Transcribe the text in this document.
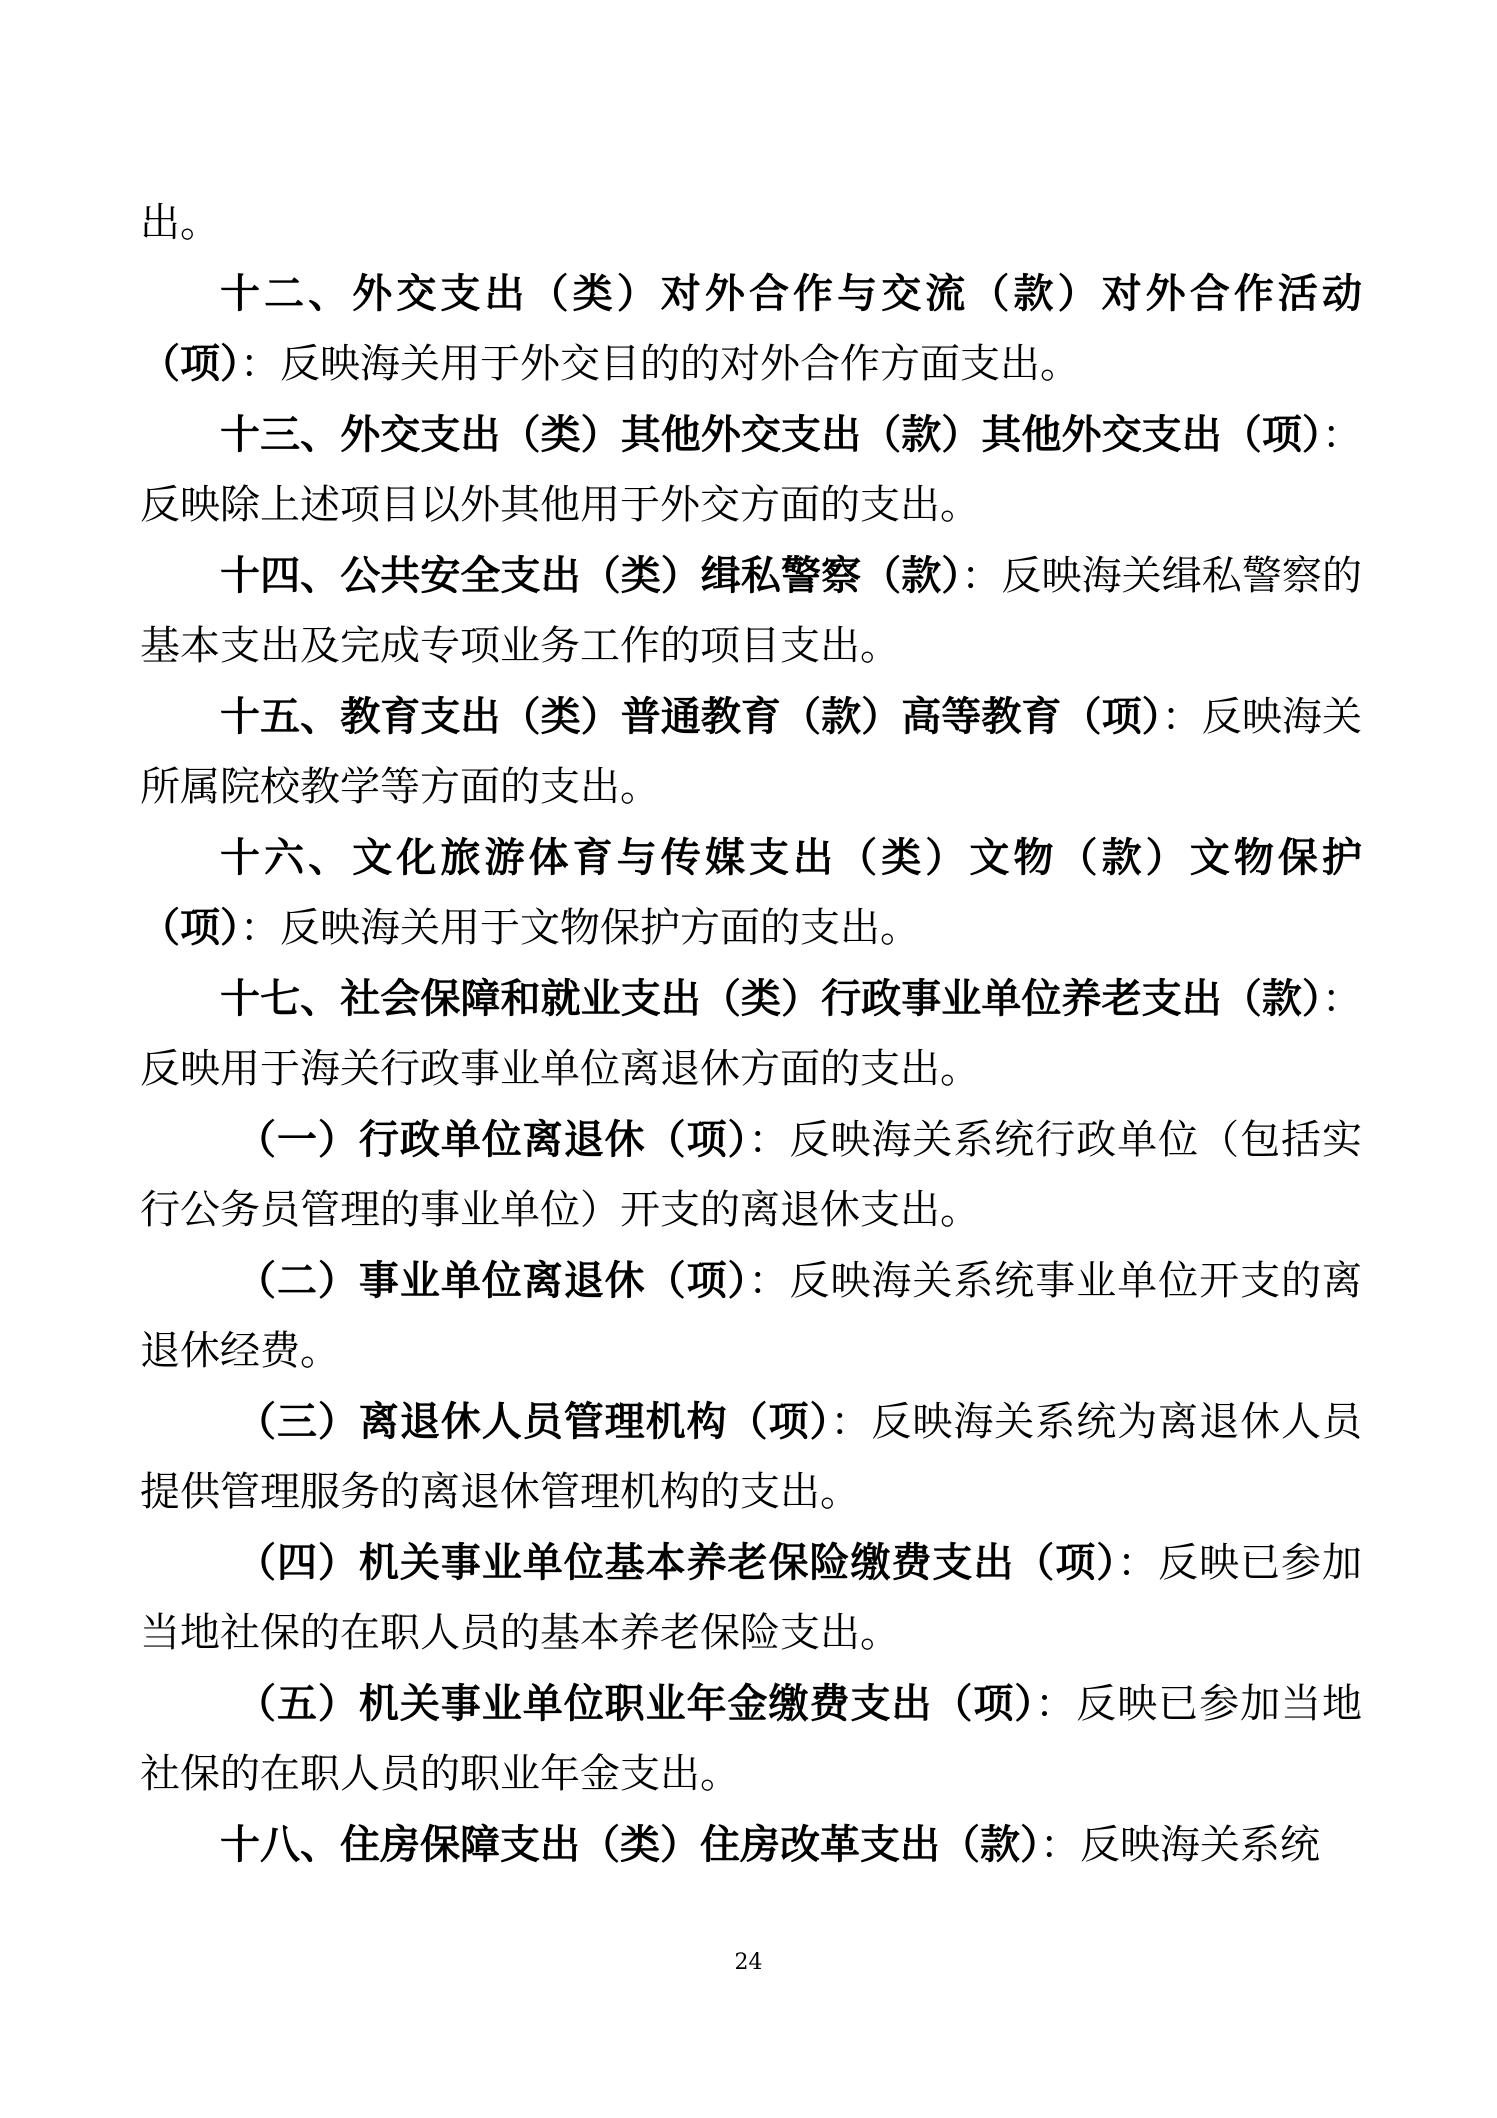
出。

十二、外交支出（类）对外合作与交流（款）对外合作活动（项）：反映海关用于外交目的的对外合作方面支出。

十三、外交支出（类）其他外交支出（款）其他外交支出（项）：反映除上述项目以外其他用于外交方面的支出。

十四、公共安全支出（类）缉私警察（款）：反映海关缉私警察的基本支出及完成专项业务工作的项目支出。

十五、教育支出（类）普通教育（款）高等教育（项）：反映海关所属院校教学等方面的支出。

十六、文化旅游体育与传媒支出（类）文物（款）文物保护（项）：反映海关用于文物保护方面的支出。

十七、社会保障和就业支出（类）行政事业单位养老支出（款）：反映用于海关行政事业单位离退休方面的支出。

（一）行政单位离退休（项）：反映海关系统行政单位（包括实行公务员管理的事业单位）开支的离退休支出。

（二）事业单位离退休（项）：反映海关系统事业单位开支的离退休经费。

（三）离退休人员管理机构（项）：反映海关系统为离退休人员提供管理服务的离退休管理机构的支出。

（四）机关事业单位基本养老保险缴费支出（项）：反映已参加当地社保的在职人员的基本养老保险支出。

（五）机关事业单位职业年金缴费支出（项）：反映已参加当地社保的在职人员的职业年金支出。

十八、住房保障支出（类）住房改革支出（款）：反映海关系统

24
